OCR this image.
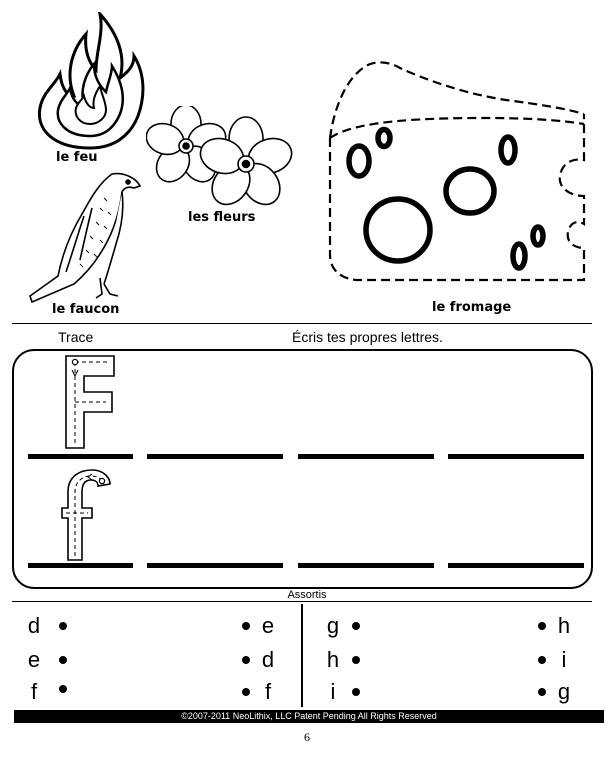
le feu
les fleurs
le faucon	le fromage
Trace	Écris tes propres lettres.
Assortis
d
e
f
e
d
f
g
h
i
h
i
g
©2007-2011 NeoLithix, LLC Patent Pending All Rights Reserved
6
